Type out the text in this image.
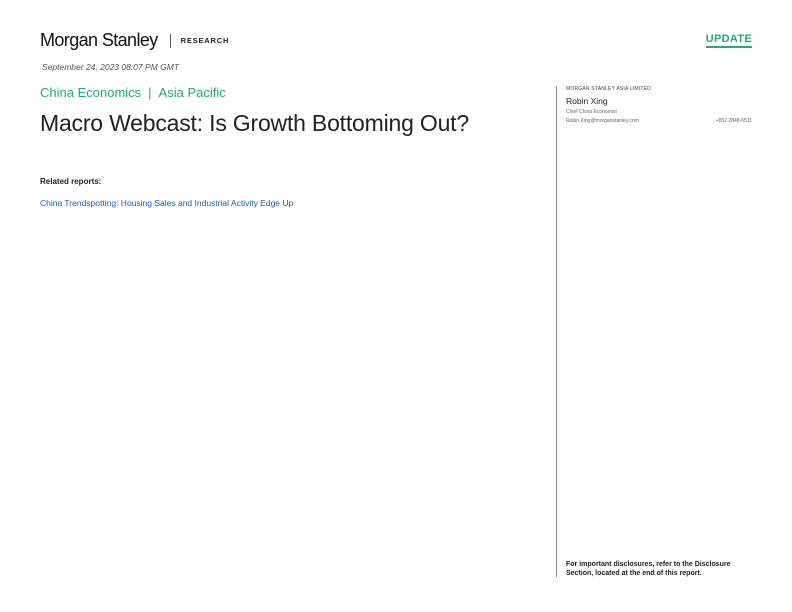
Morgan Stanley	RESEARCH	UPDATE
September 24, 2023 08:07 PM GMT
China Economics | Asia Pacific
Macro Webcast: Is Growth Bottoming Out?
Related reports:
China Trendspotting: Housing Sales and Industrial Activity Edge Up
MORGAN STANLEY ASIA LIMITED
Robin Xing
Chief China Economist
Robin.Xing@morganstanley.com	+852 2848-6511
For important disclosures, refer to the Disclosure Section, located at the end of this report.
